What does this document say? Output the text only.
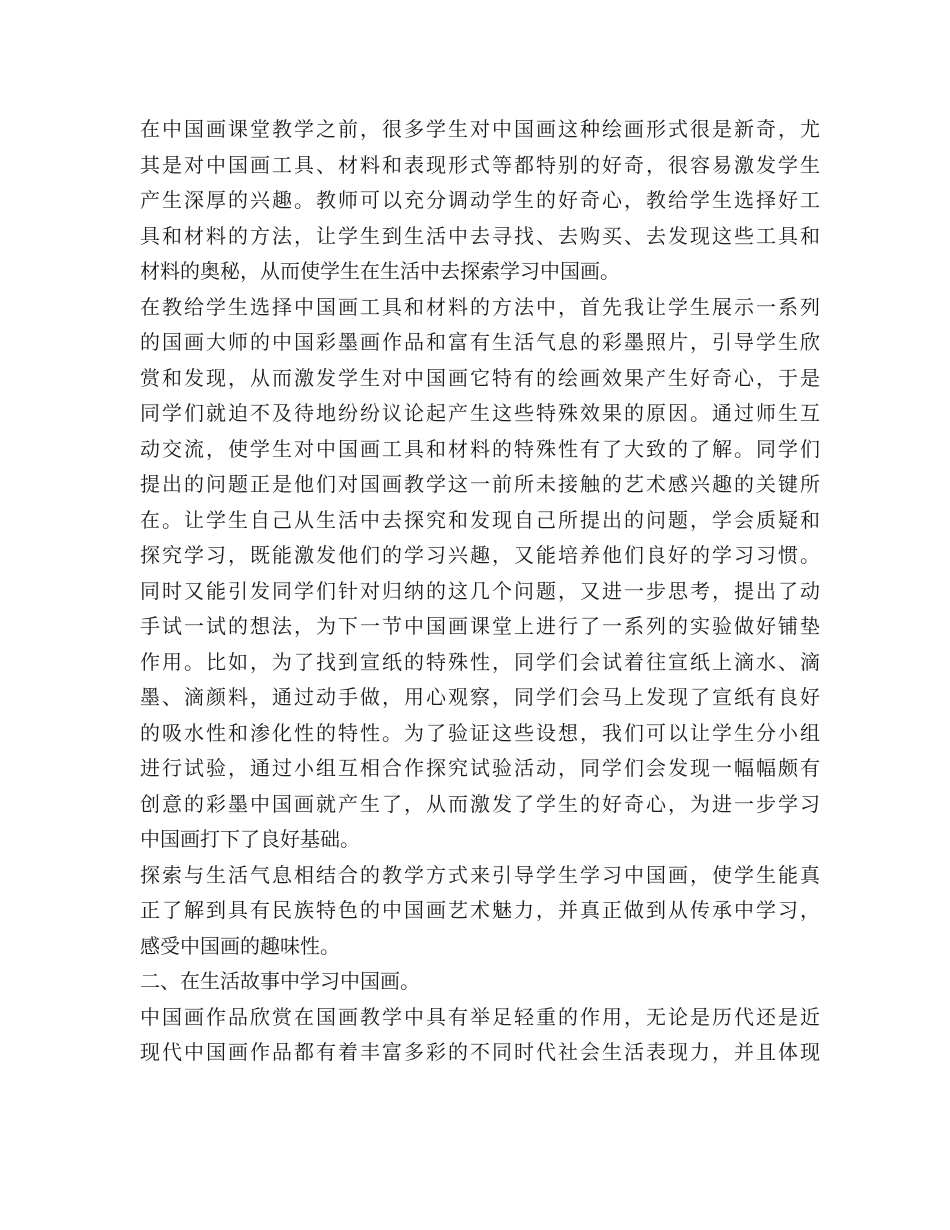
在中国画课堂教学之前，很多学生对中国画这种绘画形式很是新奇，尤
其是对中国画工具、材料和表现形式等都特别的好奇，很容易激发学生
产生深厚的兴趣。教师可以充分调动学生的好奇心，教给学生选择好工
具和材料的方法，让学生到生活中去寻找、去购买、去发现这些工具和
材料的奥秘，从而使学生在生活中去探索学习中国画。
在教给学生选择中国画工具和材料的方法中，首先我让学生展示一系列
的国画大师的中国彩墨画作品和富有生活气息的彩墨照片，引导学生欣
赏和发现，从而激发学生对中国画它特有的绘画效果产生好奇心，于是
同学们就迫不及待地纷纷议论起产生这些特殊效果的原因。通过师生互
动交流，使学生对中国画工具和材料的特殊性有了大致的了解。同学们
提出的问题正是他们对国画教学这一前所未接触的艺术感兴趣的关键所
在。让学生自己从生活中去探究和发现自己所提出的问题，学会质疑和
探究学习，既能激发他们的学习兴趣，又能培养他们良好的学习习惯。
同时又能引发同学们针对归纳的这几个问题，又进一步思考，提出了动
手试一试的想法，为下一节中国画课堂上进行了一系列的实验做好铺垫
作用。比如，为了找到宣纸的特殊性，同学们会试着往宣纸上滴水、滴
墨、滴颜料，通过动手做，用心观察，同学们会马上发现了宣纸有良好
的吸水性和渗化性的特性。为了验证这些设想，我们可以让学生分小组
进行试验，通过小组互相合作探究试验活动，同学们会发现一幅幅颇有
创意的彩墨中国画就产生了，从而激发了学生的好奇心，为进一步学习
中国画打下了良好基础。
探索与生活气息相结合的教学方式来引导学生学习中国画，使学生能真
正了解到具有民族特色的中国画艺术魅力，并真正做到从传承中学习，
感受中国画的趣味性。
二、在生活故事中学习中国画。
中国画作品欣赏在国画教学中具有举足轻重的作用，无论是历代还是近
现代中国画作品都有着丰富多彩的不同时代社会生活表现力，并且体现
